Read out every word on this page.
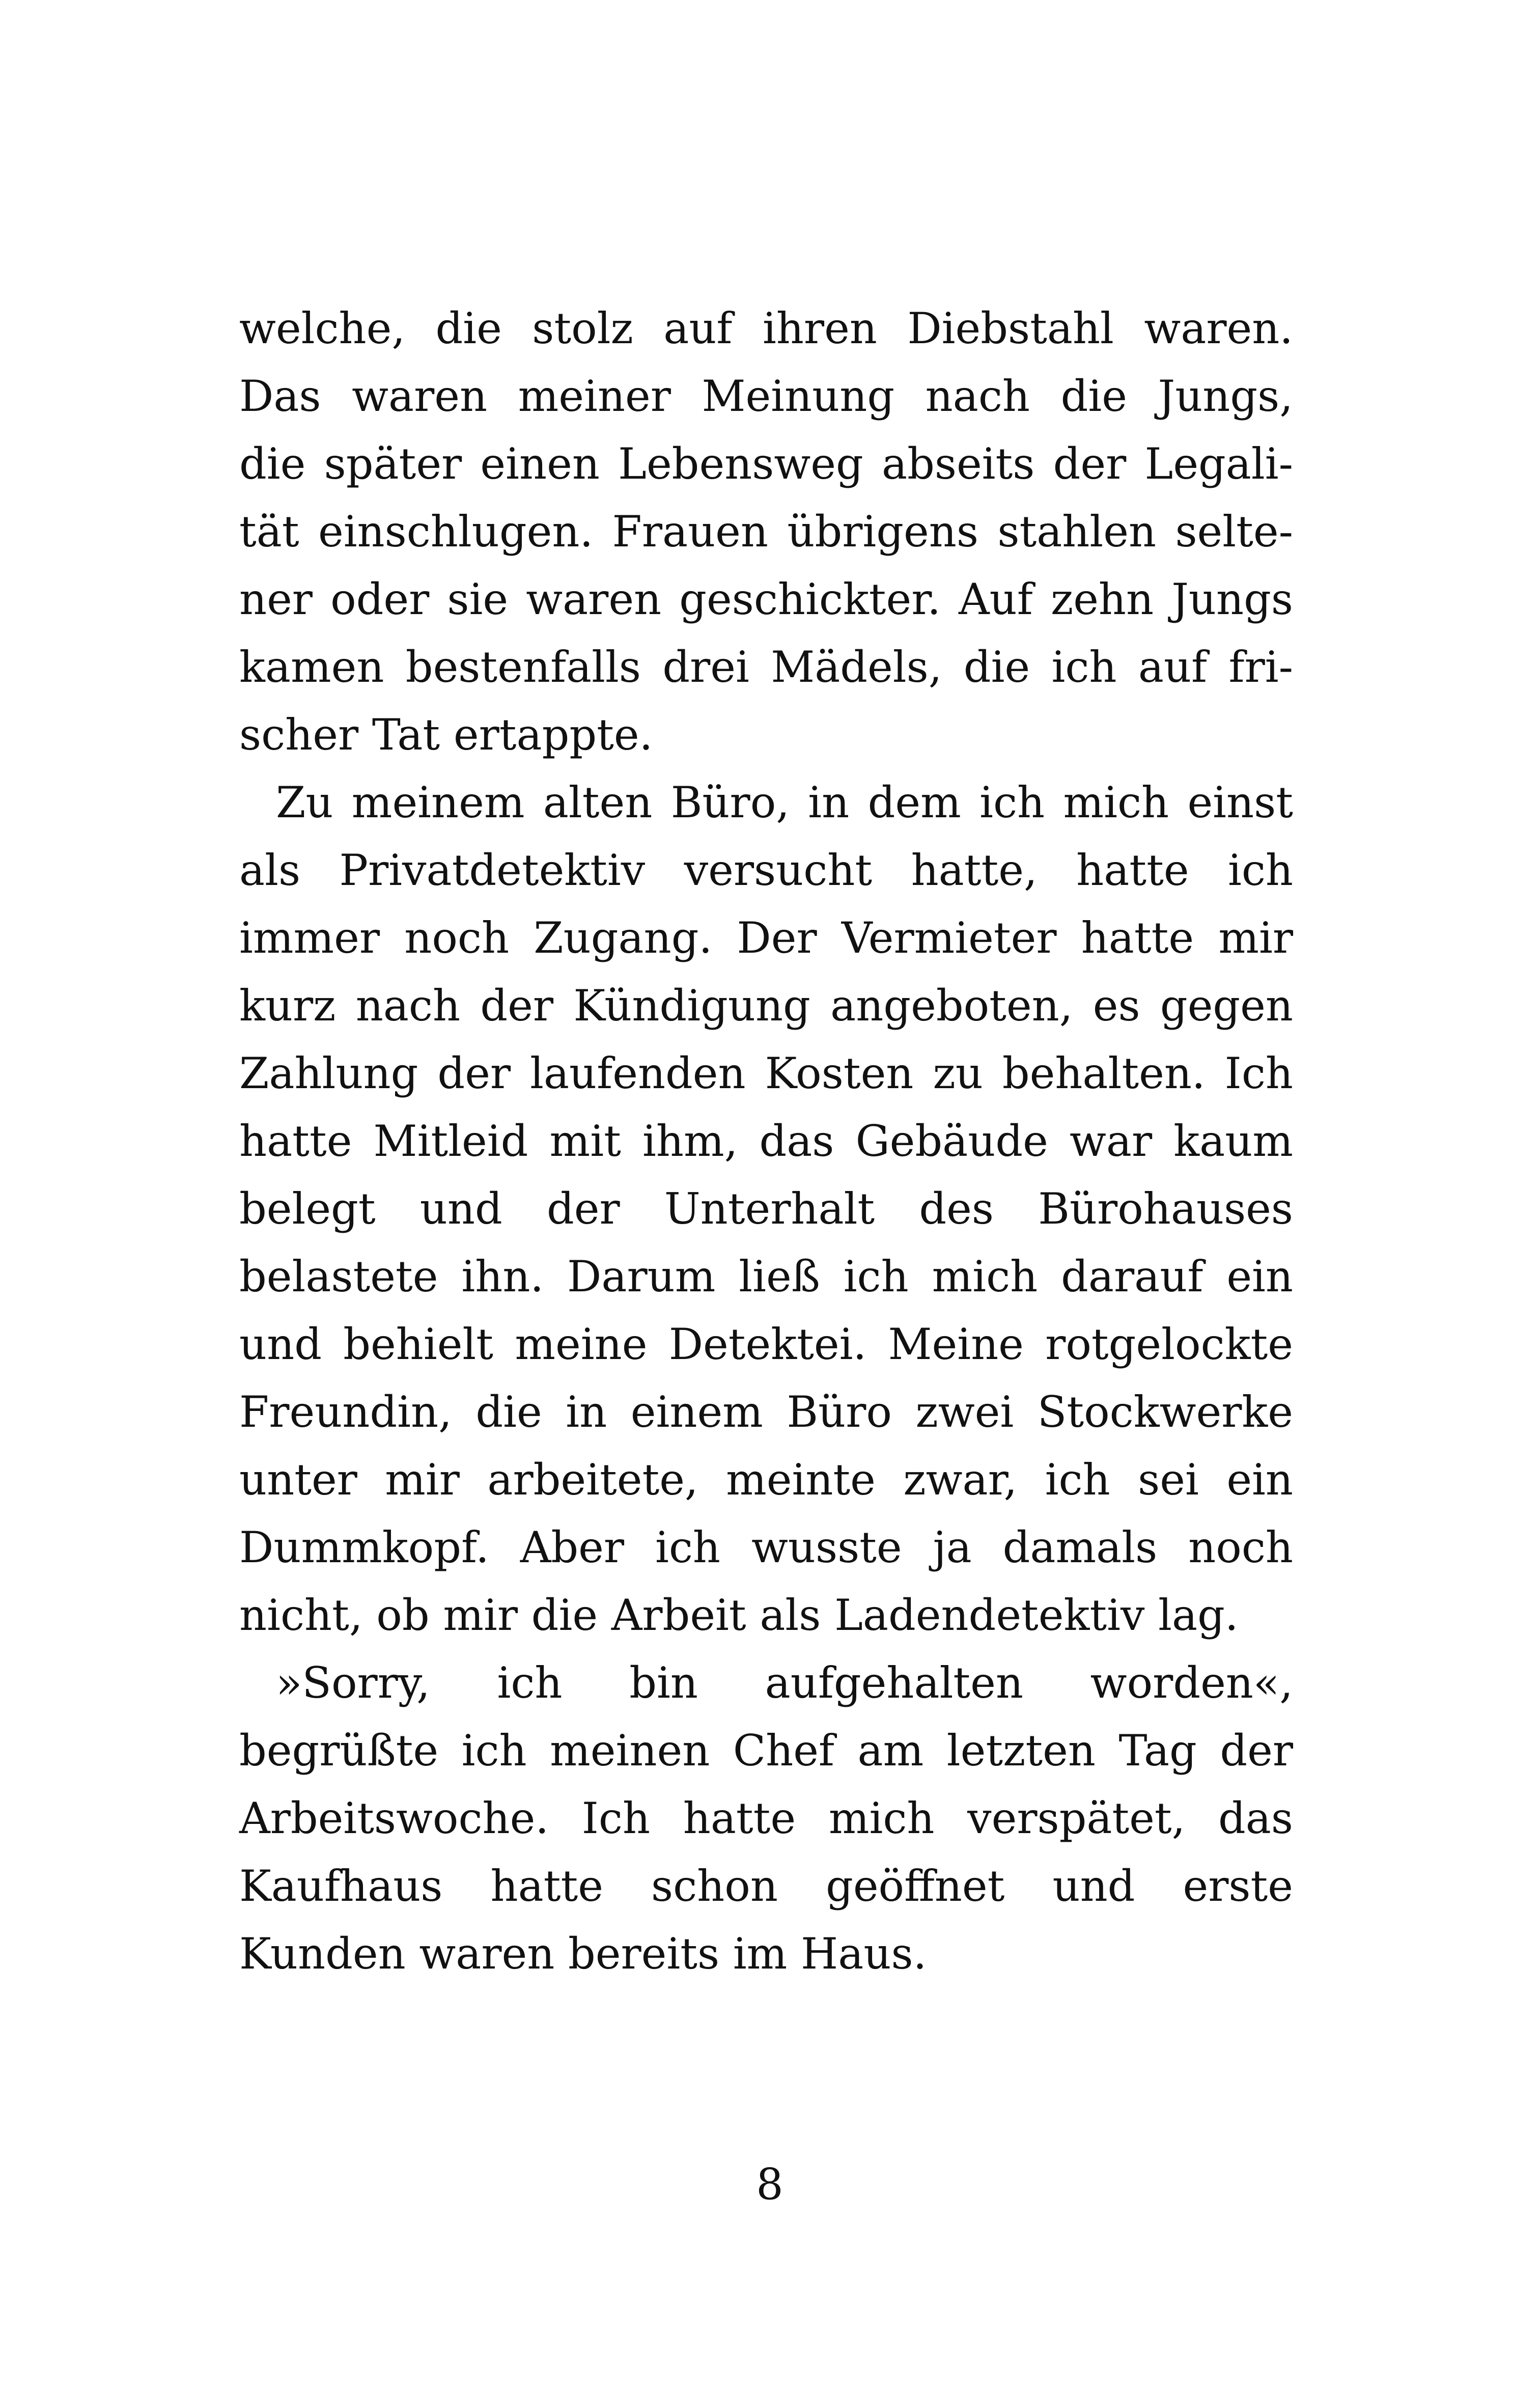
welche, die stolz auf ihren Diebstahl waren.
Das waren meiner Meinung nach die Jungs,
die später einen Lebensweg abseits der Legali-
tät einschlugen. Frauen übrigens stahlen selte-
ner oder sie waren geschickter. Auf zehn Jungs
kamen bestenfalls drei Mädels, die ich auf fri-
scher Tat ertappte.
Zu meinem alten Büro, in dem ich mich einst
als Privatdetektiv versucht hatte, hatte ich
immer noch Zugang. Der Vermieter hatte mir
kurz nach der Kündigung angeboten, es gegen
Zahlung der laufenden Kosten zu behalten. Ich
hatte Mitleid mit ihm, das Gebäude war kaum
belegt und der Unterhalt des Bürohauses
belastete ihn. Darum ließ ich mich darauf ein
und behielt meine Detektei. Meine rotgelockte
Freundin, die in einem Büro zwei Stockwerke
unter mir arbeitete, meinte zwar, ich sei ein
Dummkopf. Aber ich wusste ja damals noch
nicht, ob mir die Arbeit als Ladendetektiv lag.
»Sorry, ich bin aufgehalten worden«,
begrüßte ich meinen Chef am letzten Tag der
Arbeitswoche. Ich hatte mich verspätet, das
Kaufhaus hatte schon geöffnet und erste
Kunden waren bereits im Haus.
8
